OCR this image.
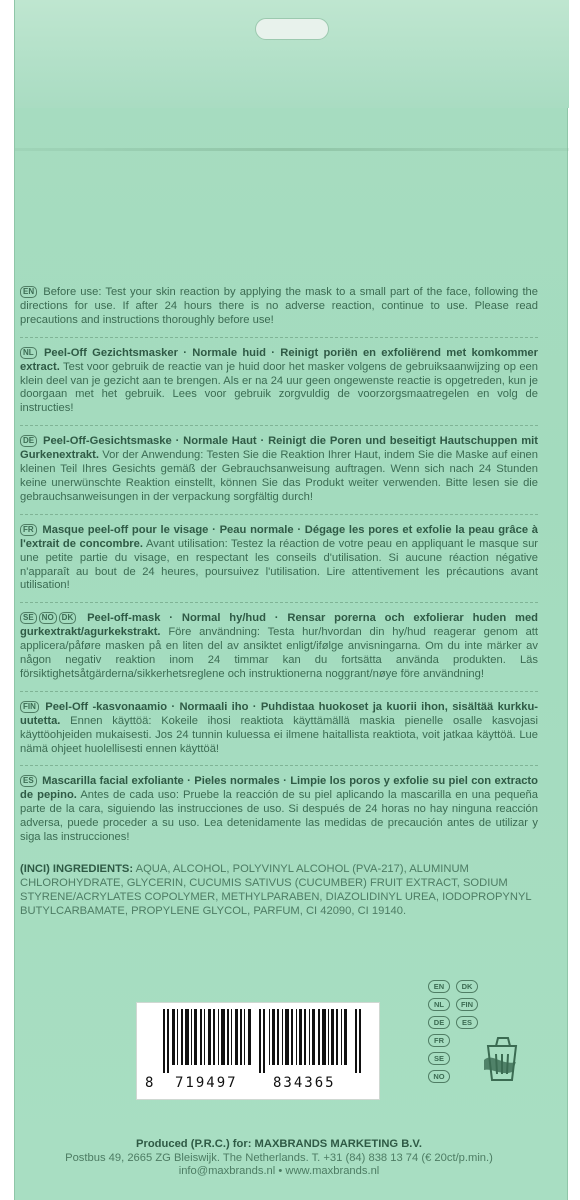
EN Before use: Test your skin reaction by applying the mask to a small part of the face, following the directions for use. If after 24 hours there is no adverse reaction, continue to use. Please read precautions and instructions thoroughly before use!
NL Peel-Off Gezichtsmasker · Normale huid · Reinigt poriën en exfoliërend met komkommer extract. Test voor gebruik de reactie van je huid door het masker volgens de gebruiksaanwijzing op een klein deel van je gezicht aan te brengen. Als er na 24 uur geen ongewenste reactie is opgetreden, kun je doorgaan met het gebruik. Lees voor gebruik zorgvuldig de voorzorgsmaatregelen en volg de instructies!
DE Peel-Off-Gesichtsmaske · Normale Haut · Reinigt die Poren und beseitigt Hautschuppen mit Gurkenextrakt. Vor der Anwendung: Testen Sie die Reaktion Ihrer Haut, indem Sie die Maske auf einen kleinen Teil Ihres Gesichts gemäß der Gebrauchsanweisung auftragen. Wenn sich nach 24 Stunden keine unerwünschte Reaktion einstellt, können Sie das Produkt weiter verwenden. Bitte lesen sie die gebrauchsanweisungen in der verpackung sorgfältig durch!
FR Masque peel-off pour le visage · Peau normale · Dégage les pores et exfolie la peau grâce à l'extrait de concombre. Avant utilisation: Testez la réaction de votre peau en appliquant le masque sur une petite partie du visage, en respectant les conseils d'utilisation. Si aucune réaction négative n'apparaît au bout de 24 heures, poursuivez l'utilisation. Lire attentivement les précautions avant utilisation!
SE NO DK Peel-off-mask · Normal hy/hud · Rensar porerna och exfolierar huden med gurkextrakt/agurkekstrakt. Före användning: Testa hur/hvordan din hy/hud reagerar genom att applicera/påføre masken på en liten del av ansiktet enligt/ifølge anvisningarna. Om du inte märker av någon negativ reaktion inom 24 timmar kan du fortsätta använda produkten. Läs försiktighetsåtgärderna/sikkerhetsreglene och instruktionerna noggrant/nøye före användning!
FIN Peel-Off -kasvonaamio · Normaali iho · Puhdistaa huokoset ja kuorii ihon, sisältää kurkku-uutetta. Ennen käyttöä: Kokeile ihosi reaktiota käyttämällä maskia pienelle osalle kasvojasi käyttöohjeiden mukaisesti. Jos 24 tunnin kuluessa ei ilmene haitallista reaktiota, voit jatkaa käyttöä. Lue nämä ohjeet huolellisesti ennen käyttöä!
ES Mascarilla facial exfoliante · Pieles normales · Limpie los poros y exfolie su piel con extracto de pepino. Antes de cada uso: Pruebe la reacción de su piel aplicando la mascarilla en una pequeña parte de la cara, siguiendo las instrucciones de uso. Si después de 24 horas no hay ninguna reacción adversa, puede proceder a su uso. Lea detenidamente las medidas de precaución antes de utilizar y siga las instrucciones!
(INCI) INGREDIENTS: AQUA, ALCOHOL, POLYVINYL ALCOHOL (PVA-217), ALUMINUM CHLOROHYDRATE, GLYCERIN, CUCUMIS SATIVUS (CUCUMBER) FRUIT EXTRACT, SODIUM STYRENE/ACRYLATES COPOLYMER, METHYLPARABEN, DIAZOLIDINYL UREA, IODOPROPYNYL BUTYLCARBAMATE, PROPYLENE GLYCOL, PARFUM, CI 42090, CI 19140.
8 719497	834365
EN	DK
NL	FIN
DE	ES
FR
SE
NO
Produced (P.R.C.) for: MAXBRANDS MARKETING B.V.
Postbus 49, 2665 ZG Bleiswijk. The Netherlands. T. +31 (84) 838 13 74 (€ 20ct/p.min.)
info@maxbrands.nl • www.maxbrands.nl
